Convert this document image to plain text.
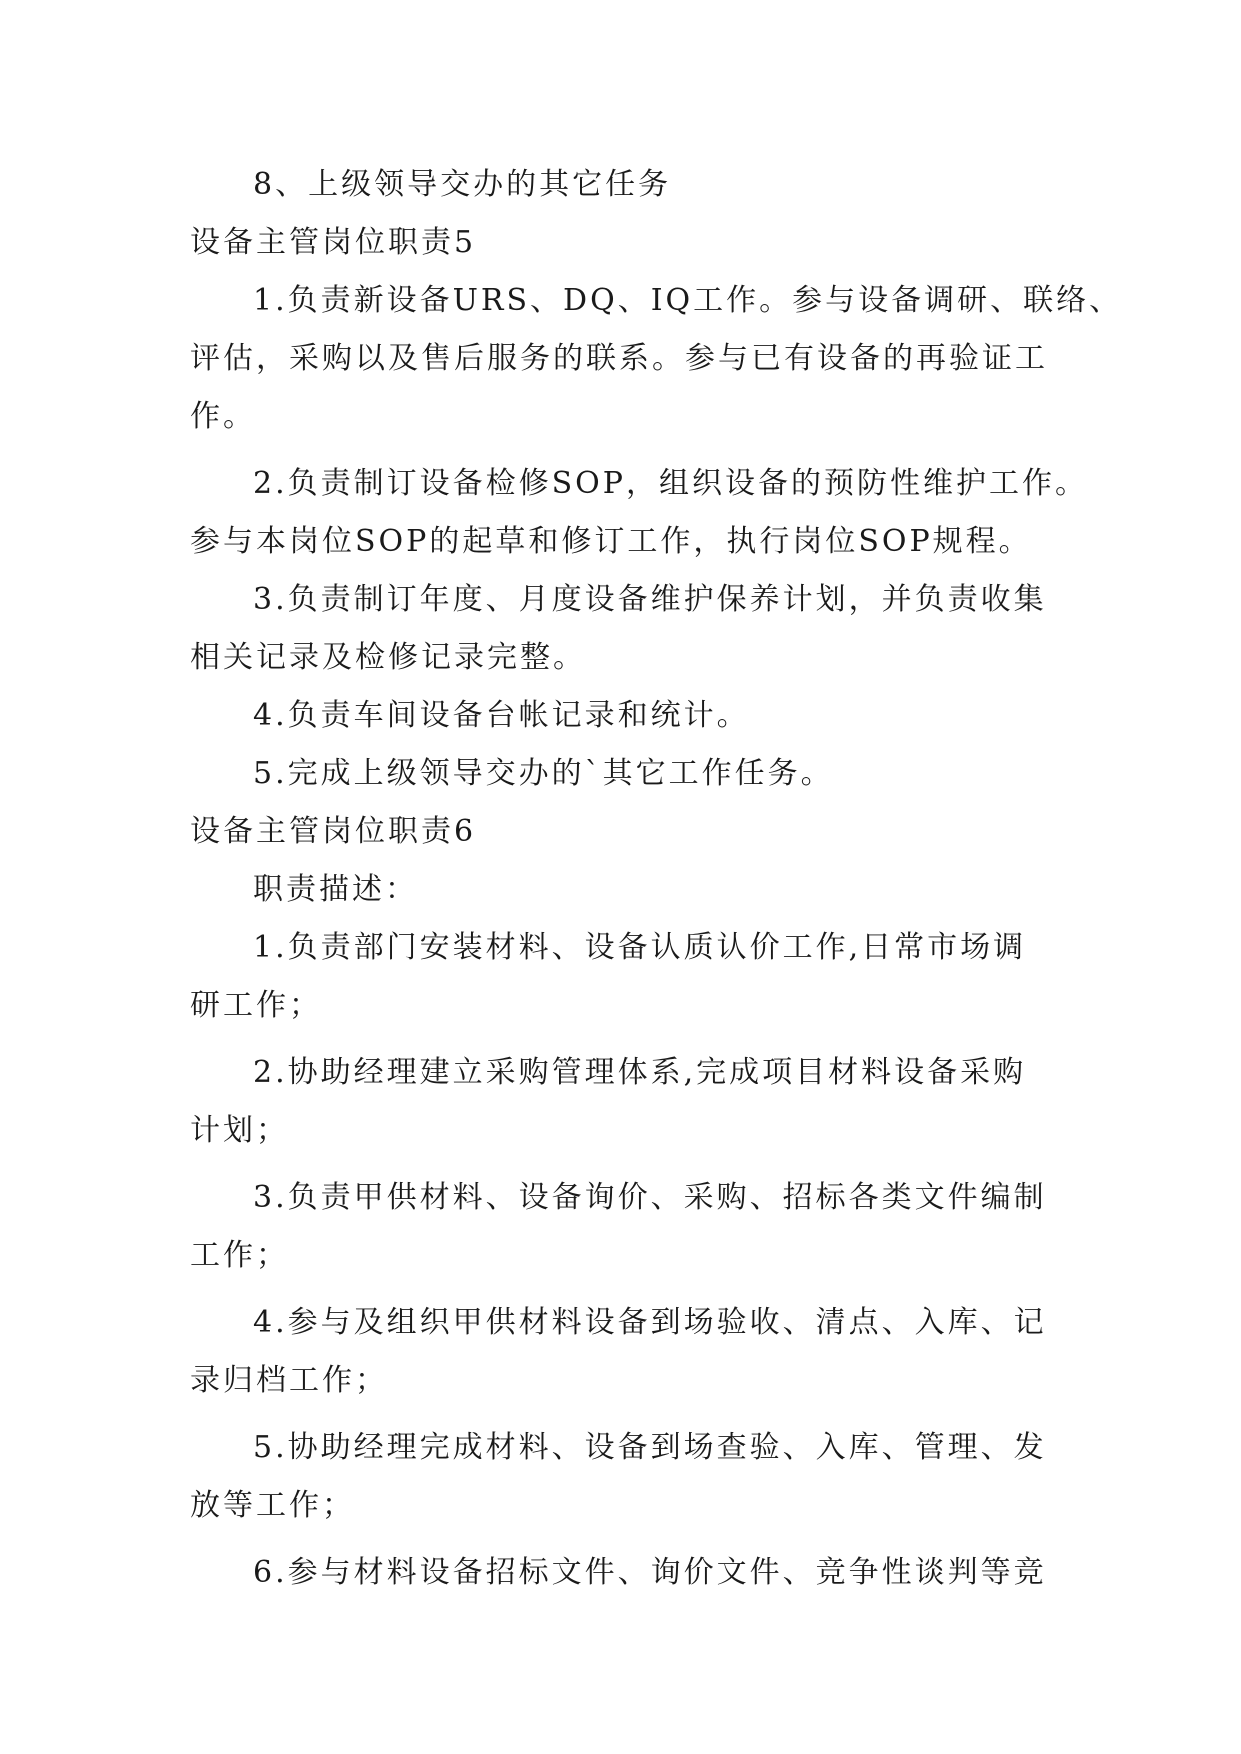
8、上级领导交办的其它任务
设备主管岗位职责5
1.负责新设备URS、DQ、IQ工作。参与设备调研、联络、
评估，采购以及售后服务的联系。参与已有设备的再验证工
作。
2.负责制订设备检修SOP，组织设备的预防性维护工作。
参与本岗位SOP的起草和修订工作，执行岗位SOP规程。
3.负责制订年度、月度设备维护保养计划，并负责收集
相关记录及检修记录完整。
4.负责车间设备台帐记录和统计。
5.完成上级领导交办的`其它工作任务。
设备主管岗位职责6
职责描述：
1.负责部门安装材料、设备认质认价工作,日常市场调
研工作；
2.协助经理建立采购管理体系,完成项目材料设备采购
计划；
3.负责甲供材料、设备询价、采购、招标各类文件编制
工作；
4.参与及组织甲供材料设备到场验收、清点、入库、记
录归档工作；
5.协助经理完成材料、设备到场查验、入库、管理、发
放等工作；
6.参与材料设备招标文件、询价文件、竞争性谈判等竞
